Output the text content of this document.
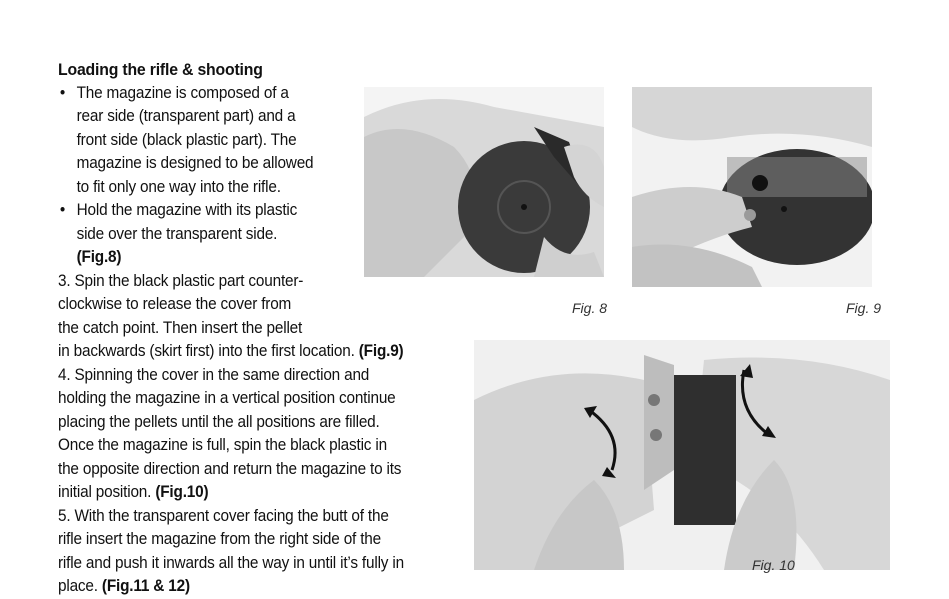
Loading the rifle & shooting
• The magazine is composed of a
rear side (transparent part) and a
front side (black plastic part). The
magazine is designed to be allowed
to fit only one way into the rifle.
• Hold the magazine with its plastic
side over the transparent side.
(Fig.8)
3. Spin the black plastic part counter-
clockwise to release the cover from
the catch point. Then insert the pellet
in backwards (skirt first) into the first location. (Fig.9)
4. Spinning the cover in the same direction and
holding the magazine in a vertical position continue
placing the pellets until the all positions are filled.
Once the magazine is full, spin the black plastic in
the opposite direction and return the magazine to its
initial position. (Fig.10)
5. With the transparent cover facing the butt of the
rifle insert the magazine from the right side of the
rifle and push it inwards all the way in until it’s fully in
place. (Fig.11 & 12)
Fig. 8	Fig. 9
Fig. 10
